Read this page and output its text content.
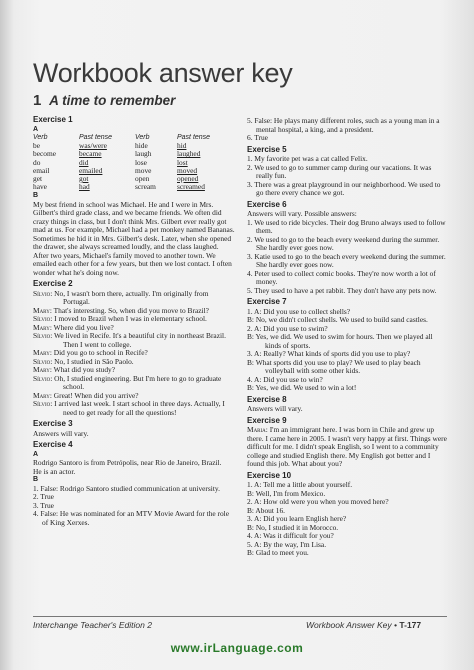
Workbook answer key
1 A time to remember
Exercise 1
A
Verb	Past tense	Verb	Past tense
be	was/were	hide	hid
become	became	laugh	laughed
do	did	lose	lost
email	emailed	move	moved
get	got	open	opened
have	had	scream	screamed
B
My best friend in school was Michael. He and I were in Mrs. Gilbert's third grade class, and we became friends. We often did crazy things in class, but I don't think Mrs. Gilbert ever really got mad at us. For example, Michael had a pet monkey named Bananas. Sometimes he hid it in Mrs. Gilbert's desk. Later, when she opened the drawer, she always screamed loudly, and the class laughed. After two years, Michael's family moved to another town. We emailed each other for a few years, but then we lost contact. I often wonder what he's doing now.
Exercise 2
Sílvio: No, I wasn't born there, actually. I'm originally from Portugal.
Mary: That's interesting. So, when did you move to Brazil?
Sílvio: I moved to Brazil when I was in elementary school.
Mary: Where did you live?
Sílvio: We lived in Recife. It's a beautiful city in northeast Brazil. Then I went to college.
Mary: Did you go to school in Recife?
Sílvio: No, I studied in São Paolo.
Mary: What did you study?
Sílvio: Oh, I studied engineering. But I'm here to go to graduate school.
Mary: Great! When did you arrive?
Sílvio: I arrived last week. I start school in three days. Actually, I need to get ready for all the questions!
Exercise 3
Answers will vary.
Exercise 4
A
Rodrigo Santoro is from Petrópolis, near Rio de Janeiro, Brazil.
He is an actor.
B
1. False: Rodrigo Santoro studied communication at university.
2. True
3. True
4. False: He was nominated for an MTV Movie Award for the role of King Xerxes.
5. False: He plays many different roles, such as a young man in a mental hospital, a king, and a president.
6. True
Exercise 5
1. My favorite pet was a cat called Felix.
2. We used to go to summer camp during our vacations. It was really fun.
3. There was a great playground in our neighborhood. We used to go there every chance we got.
Exercise 6
Answers will vary. Possible answers:
1. We used to ride bicycles. Their dog Bruno always used to follow them.
2. We used to go to the beach every weekend during the summer. She hardly ever goes now.
3. Katie used to go to the beach every weekend during the summer. She hardly ever goes now.
4. Peter used to collect comic books. They're now worth a lot of money.
5. They used to have a pet rabbit. They don't have any pets now.
Exercise 7
1. A: Did you use to collect shells?
B: No, we didn't collect shells. We used to build sand castles.
2. A: Did you use to swim?
B: Yes, we did. We used to swim for hours. Then we played all kinds of sports.
3. A: Really? What kinds of sports did you use to play?
B: What sports did you use to play? We used to play beach volleyball with some other kids.
4. A: Did you use to win?
B: Yes, we did. We used to win a lot!
Exercise 8
Answers will vary.
Exercise 9
Maria: I'm an immigrant here. I was born in Chile and grew up there. I came here in 2005. I wasn't very happy at first. Things were difficult for me. I didn't speak English, so I went to a community college and studied English there. My English got better and I found this job. What about you?
Exercise 10
1. A: Tell me a little about yourself.
B: Well, I'm from Mexico.
2. A: How old were you when you moved here?
B: About 16.
3. A: Did you learn English here?
B: No, I studied it in Morocco.
4. A: Was it difficult for you?
5. A: By the way, I'm Lisa.
B: Glad to meet you.
Interchange Teacher's Edition 2	Workbook Answer Key • T-177
www.irLanguage.com
